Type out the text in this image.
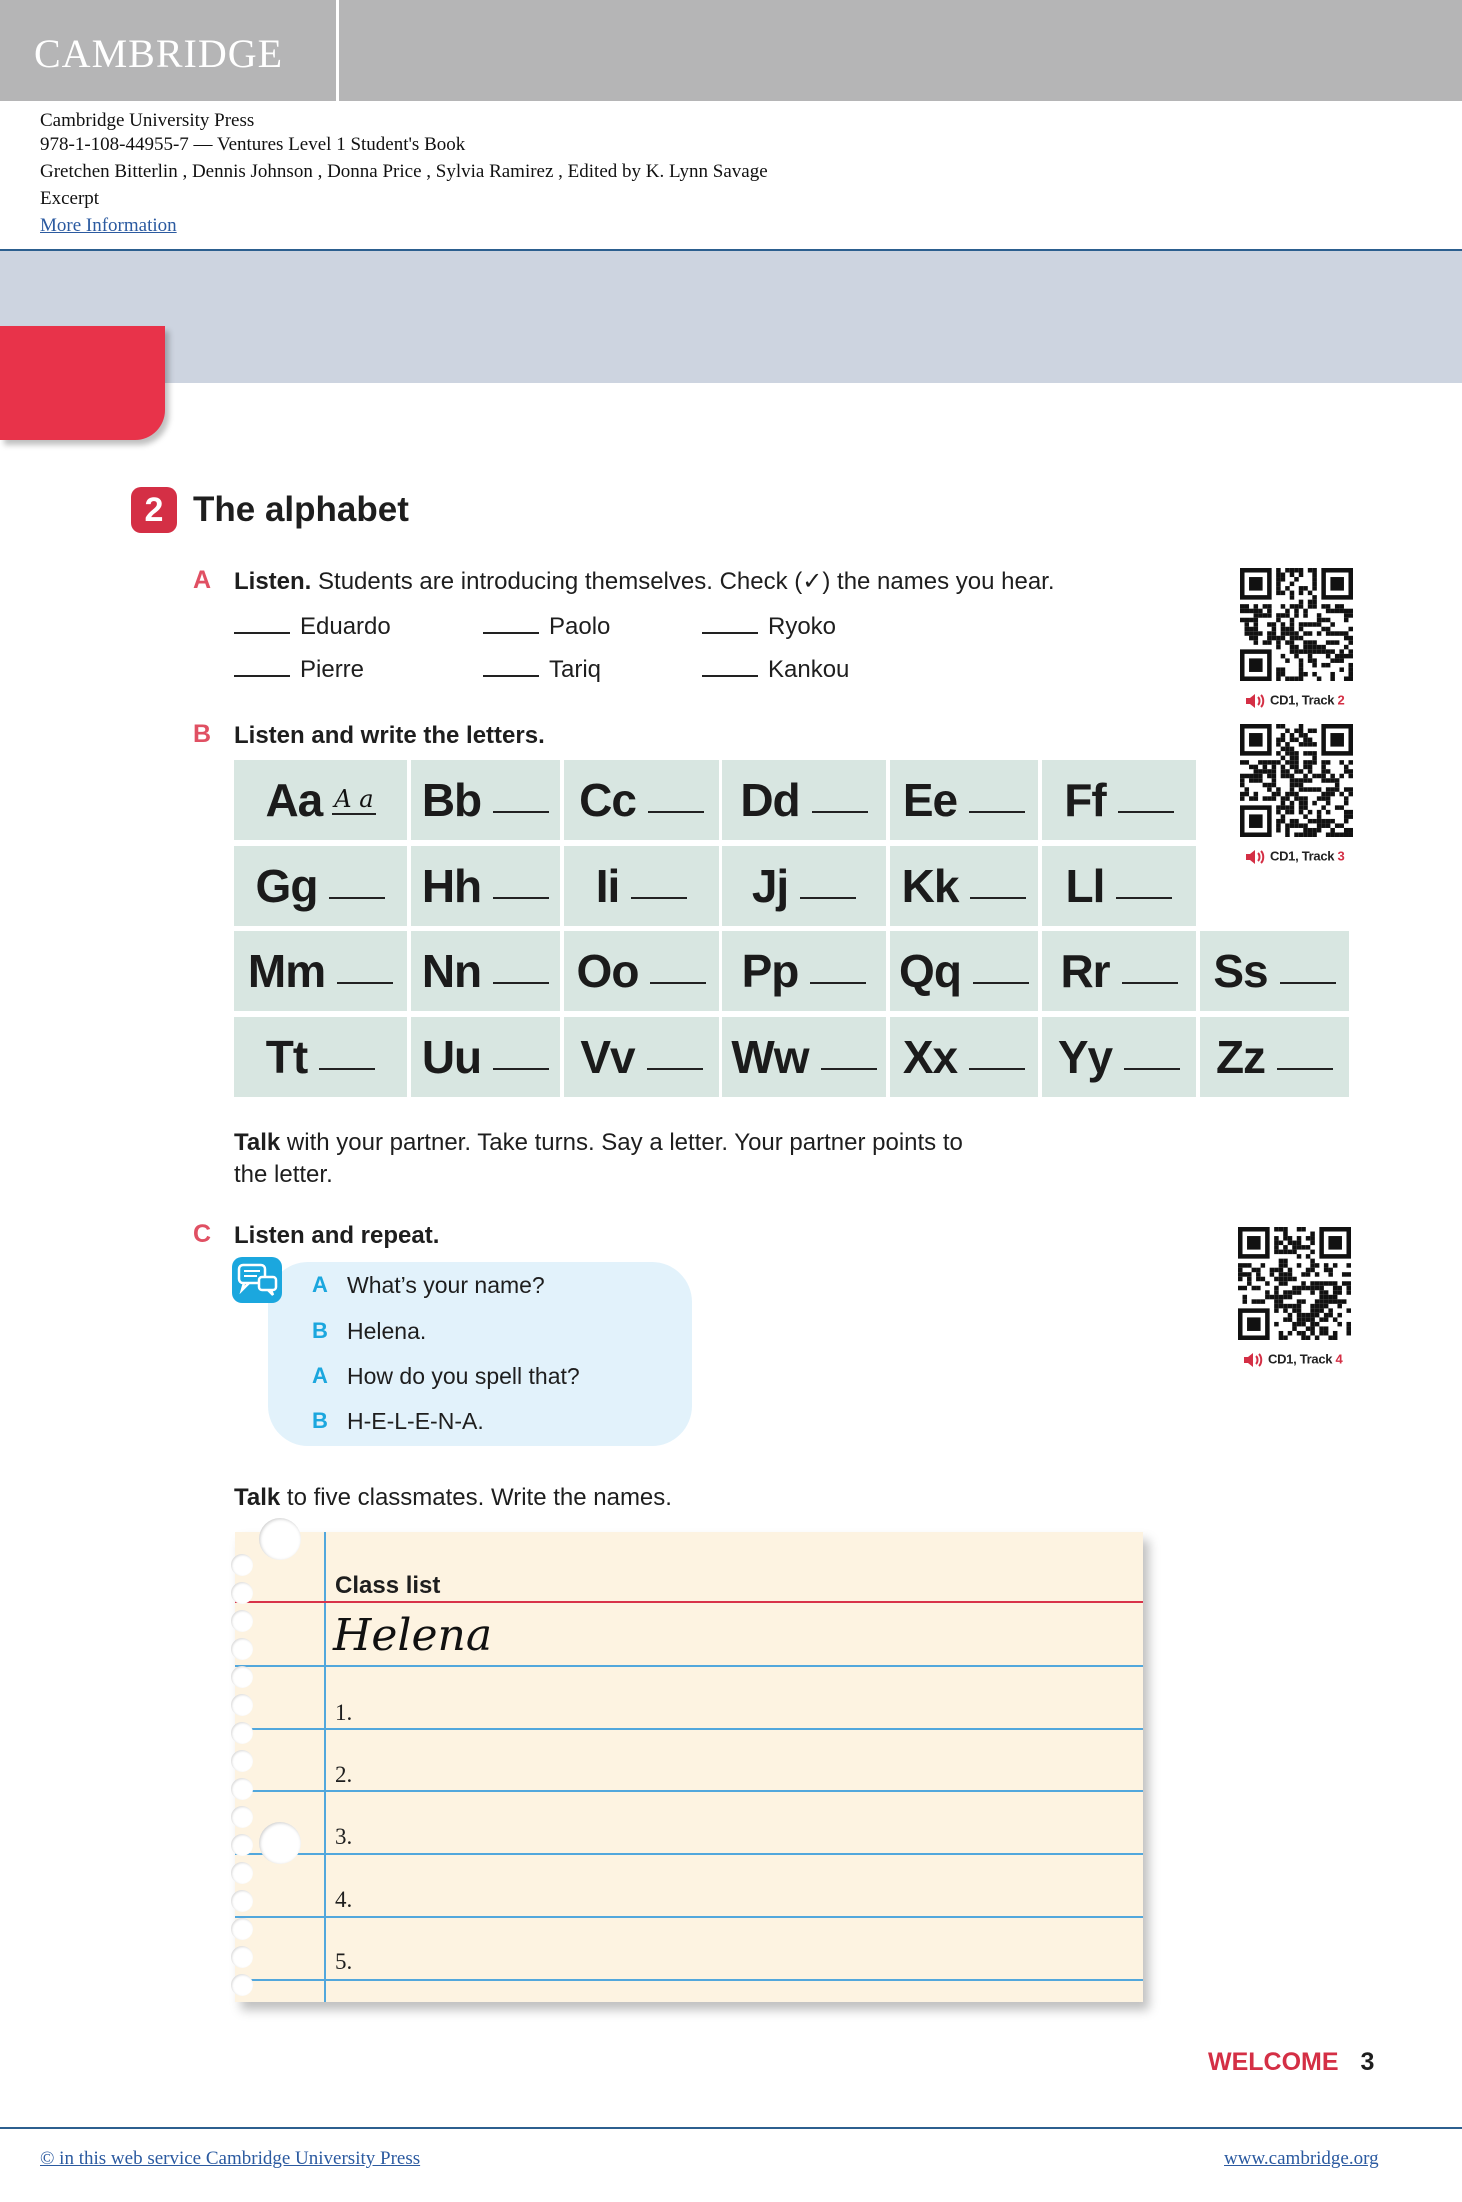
CAMBRIDGE
Cambridge University Press
978-1-108-44955-7 — Ventures Level 1 Student's Book
Gretchen Bitterlin , Dennis Johnson , Donna Price , Sylvia Ramirez , Edited by K. Lynn Savage
Excerpt
More Information
2 The alphabet
A Listen. Students are introducing themselves. Check (✓) the names you hear.
Eduardo	Paolo	Ryoko
Pierre	Tariq	Kankou
CD1, Track 2
B Listen and write the letters.
CD1, Track 3
Aa A a Bb Cc Dd Ee Ff
Gg Hh Ii	Jj Kk Ll
Mm Nn Oo Pp Qq Rr Ss
Tt Uu Vv Ww Xx Yy Zz
Talk with your partner. Take turns. Say a letter. Your partner points to
the letter.
C Listen and repeat.
CD1, Track 4
A What’s your name?
B Helena.
A How do you spell that?
B H-E-L-E-N-A.
Talk to five classmates. Write the names.
Class list
Helena
1.
2.
3.
4.
5.
WELCOME 3
© in this web service Cambridge University Press	www.cambridge.org
